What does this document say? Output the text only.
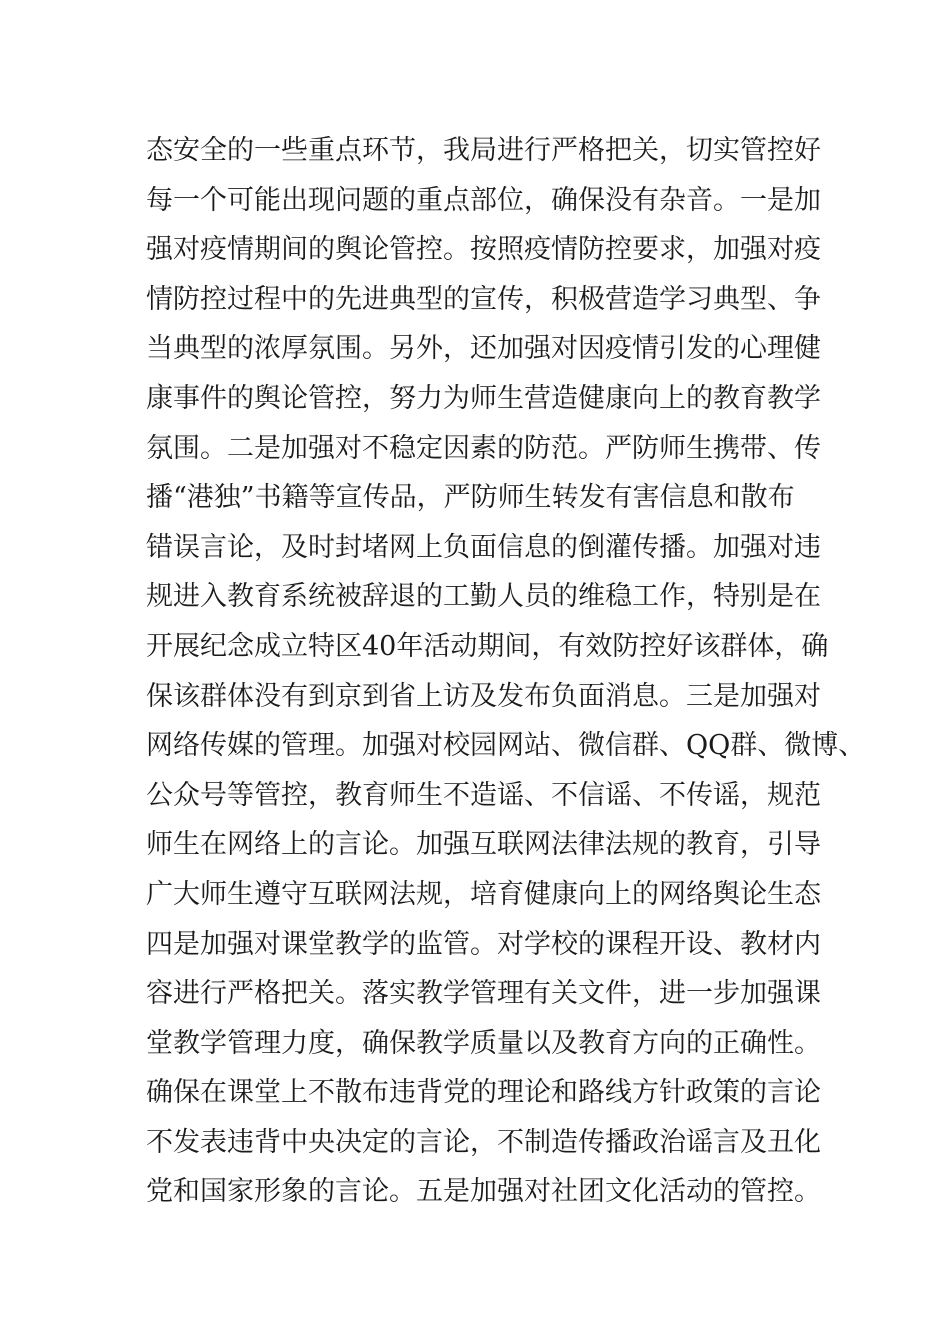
态安全的一些重点环节，我局进行严格把关，切实管控好
每一个可能出现问题的重点部位，确保没有杂音。一是加
强对疫情期间的舆论管控。按照疫情防控要求，加强对疫
情防控过程中的先进典型的宣传，积极营造学习典型、争
当典型的浓厚氛围。另外，还加强对因疫情引发的心理健
康事件的舆论管控，努力为师生营造健康向上的教育教学
氛围。二是加强对不稳定因素的防范。严防师生携带、传
播“港独”书籍等宣传品，严防师生转发有害信息和散布
错误言论，及时封堵网上负面信息的倒灌传播。加强对违
规进入教育系统被辞退的工勤人员的维稳工作，特别是在
开展纪念成立特区40年活动期间，有效防控好该群体，确
保该群体没有到京到省上访及发布负面消息。三是加强对
网络传媒的管理。加强对校园网站、微信群、QQ群、微博、
公众号等管控，教育师生不造谣、不信谣、不传谣，规范
师生在网络上的言论。加强互联网法律法规的教育，引导
广大师生遵守互联网法规，培育健康向上的网络舆论生态
四是加强对课堂教学的监管。对学校的课程开设、教材内
容进行严格把关。落实教学管理有关文件，进一步加强课
堂教学管理力度，确保教学质量以及教育方向的正确性。
确保在课堂上不散布违背党的理论和路线方针政策的言论
不发表违背中央决定的言论，不制造传播政治谣言及丑化
党和国家形象的言论。五是加强对社团文化活动的管控。
